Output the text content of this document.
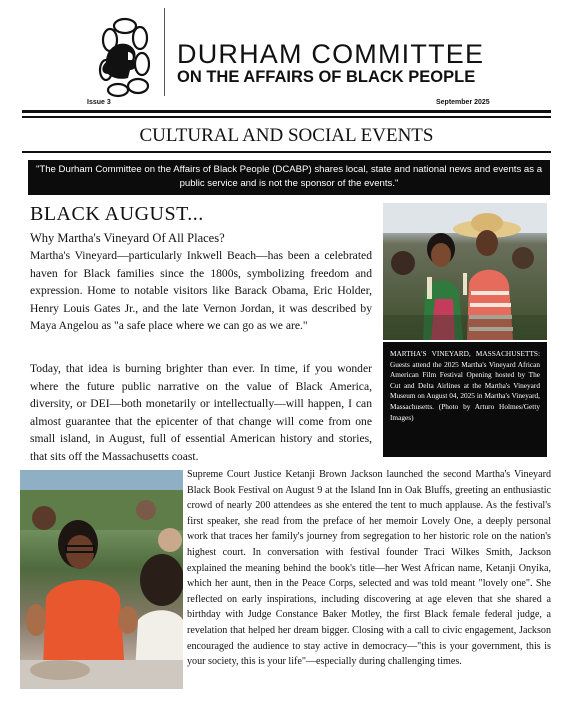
DURHAM COMMITTEE
ON THE AFFAIRS OF BLACK PEOPLE
Issue 3	September 2025
CULTURAL AND SOCIAL EVENTS
"The Durham Committee on the Affairs of Black People (DCABP) shares local, state and national news and events as a public service and is not the sponsor of the events."
BLACK AUGUST...
Why Martha's Vineyard Of All Places?
Martha's Vineyard—particularly Inkwell Beach—has been a celebrated haven for Black families since the 1800s, symbolizing freedom and expression. Home to notable visitors like Barack Obama, Eric Holder, Henry Louis Gates Jr., and the late Vernon Jordan, it was described by Maya Angelou as "a safe place where we can go as we are."
Today, that idea is burning brighter than ever. In time, if you wonder where the future public narrative on the value of Black America, diversity, or DEI—both monetarily or intellectually—will happen, I can almost guarantee that the epicenter of that change will come from one small island, in August, full of essential American history and stories, that sits off the Massachusetts coast.
MARTHA'S VINEYARD, MASSACHUSETTS: Guests attend the 2025 Martha's Vineyard African American Film Festival Opening hosted by The Cut and Delta Airlines at the Martha's Vineyard Museum on August 04, 2025 in Martha's Vineyard, Massachusetts. (Photo by Arturo Holmes/Getty Images)
Supreme Court Justice Ketanji Brown Jackson launched the second Martha's Vineyard Black Book Festival on August 9 at the Island Inn in Oak Bluffs, greeting an enthusiastic crowd of nearly 200 attendees as she entered the tent to much applause. As the festival's first speaker, she read from the preface of her memoir Lovely One, a deeply personal work that traces her family's journey from segregation to her historic role on the nation's highest court. In conversation with festival founder Traci Wilkes Smith, Jackson explained the meaning behind the book's title—her West African name, Ketanji Onyika, which her aunt, then in the Peace Corps, selected and was told meant "lovely one". She reflected on early inspirations, including discovering at age eleven that she shared a birthday with Judge Constance Baker Motley, the first Black female federal judge, a revelation that helped her dream bigger. Closing with a call to civic engagement, Jackson encouraged the audience to stay active in democracy—"this is your government, this is your society, this is your life"—especially during challenging times.
